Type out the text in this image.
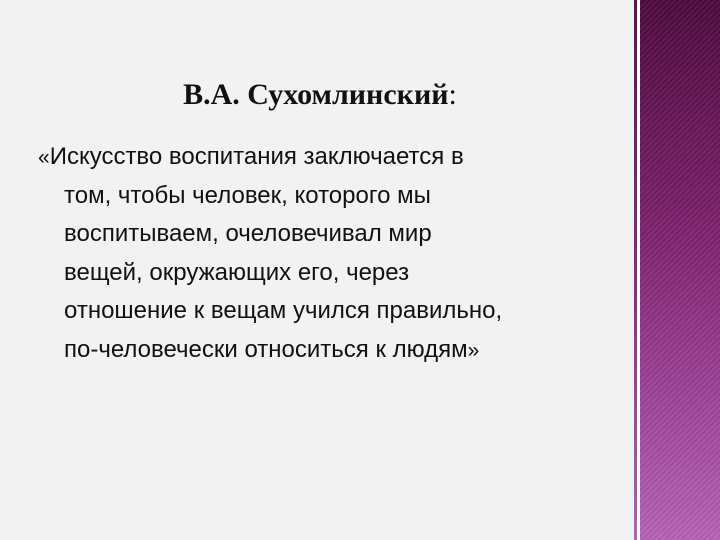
В.А. Сухомлинский:
«Искусство воспитания заключается в
том, чтобы человек, которого мы
воспитываем, очеловечивал мир
вещей, окружающих его, через
отношение к вещам учился правильно,
по-человечески относиться к людям»
